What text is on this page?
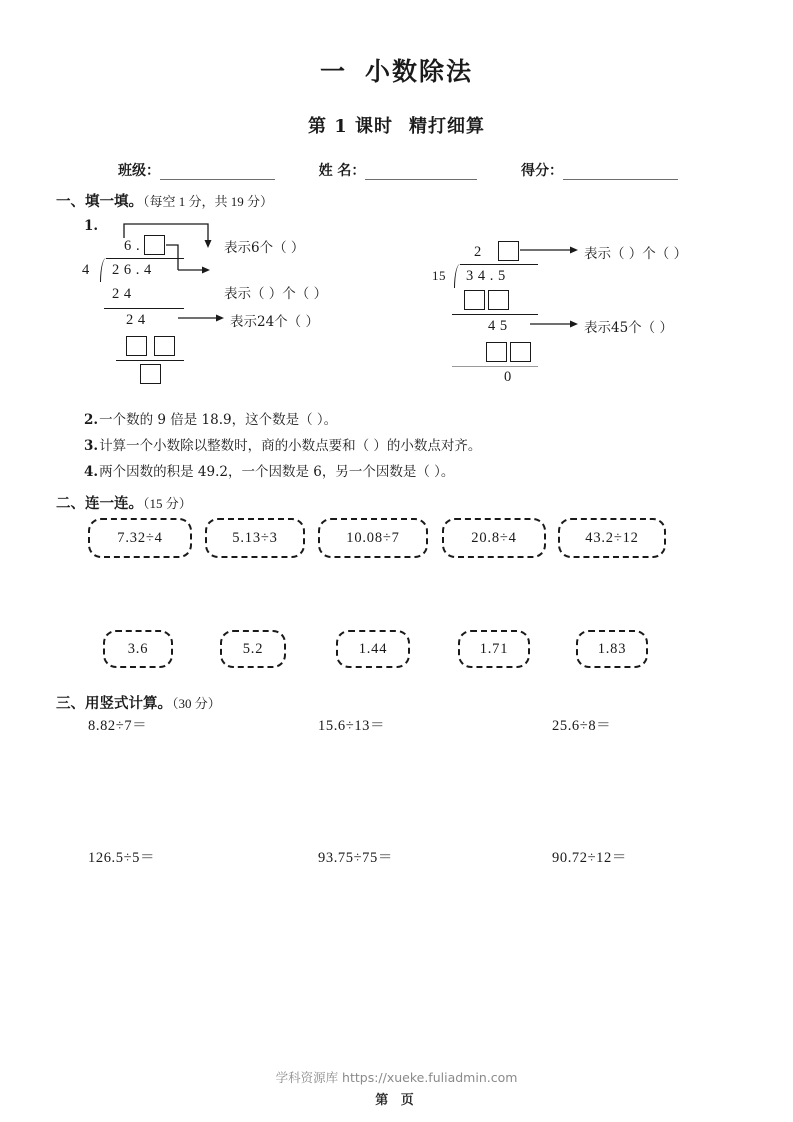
一 小数除法
第 1 课时 精打细算
班级：	姓 名：	得分：
一、填一填。（每空 1 分，共 19 分）
1.
6 .
4 2 6 . 4
2 4
2 4
表示6个（ ）
表示（ ）个（ ）
表示24个（ ）
2
15 3 4 . 5
4 5
0
表示（ ）个（ ）
表示45个（ ）
2.一个数的 9 倍是 18.9，这个数是（ ）。
3.计算一个小数除以整数时，商的小数点要和（ ）的小数点对齐。
4.两个因数的积是 49.2，一个因数是 6，另一个因数是（ ）。
二、连一连。（15 分）
7.32÷4	5.13÷3	10.08÷7	20.8÷4	43.2÷12
3.6	5.2	1.44	1.71	1.83
三、用竖式计算。（30 分）
8.82÷7＝	15.6÷13＝	25.6÷8＝
126.5÷5＝	93.75÷75＝	90.72÷12＝
学科资源库 https://xueke.fuliadmin.com
第 页
